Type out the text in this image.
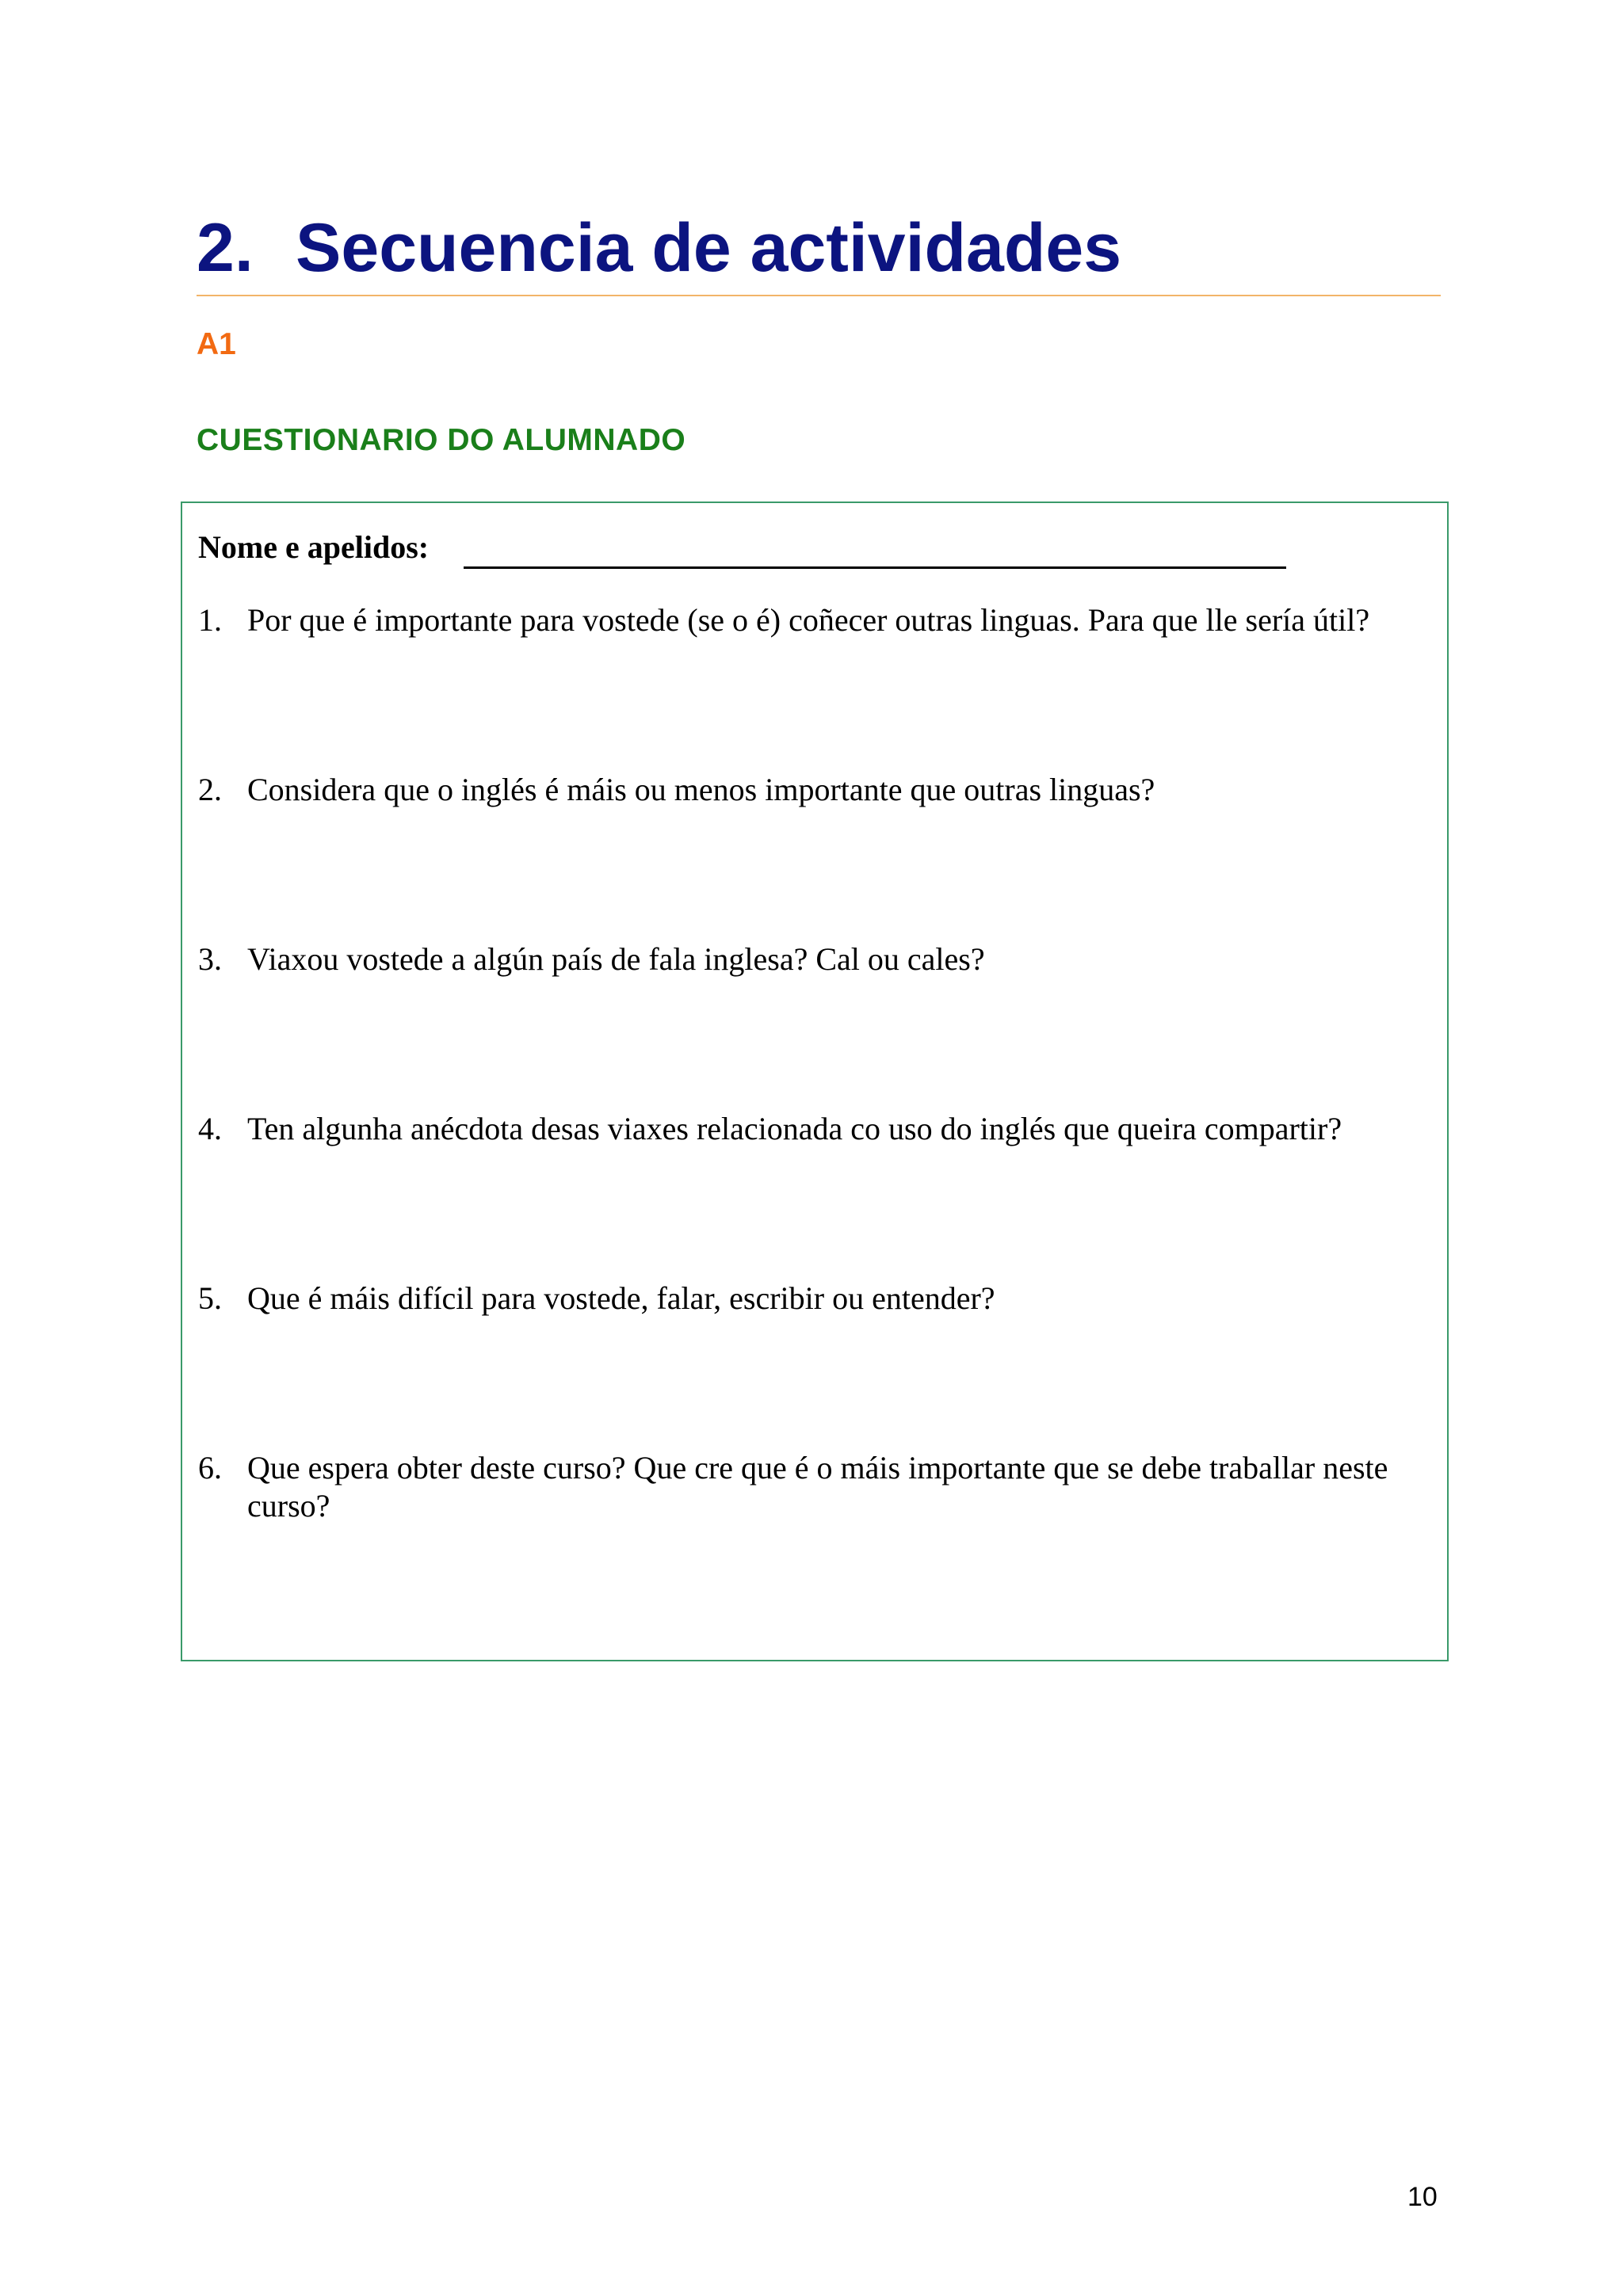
2. Secuencia de actividades
A1
CUESTIONARIO DO ALUMNADO
Nome e apelidos:
1. Por que é importante para vostede (se o é) coñecer outras linguas. Para que lle sería útil?
2. Considera que o inglés é máis ou menos importante que outras linguas?
3. Viaxou vostede a algún país de fala inglesa? Cal ou cales?
4. Ten algunha anécdota desas viaxes relacionada co uso do inglés que queira compartir?
5. Que é máis difícil para vostede, falar, escribir ou entender?
6. Que espera obter deste curso? Que cre que é o máis importante que se debe traballar neste curso?
10
